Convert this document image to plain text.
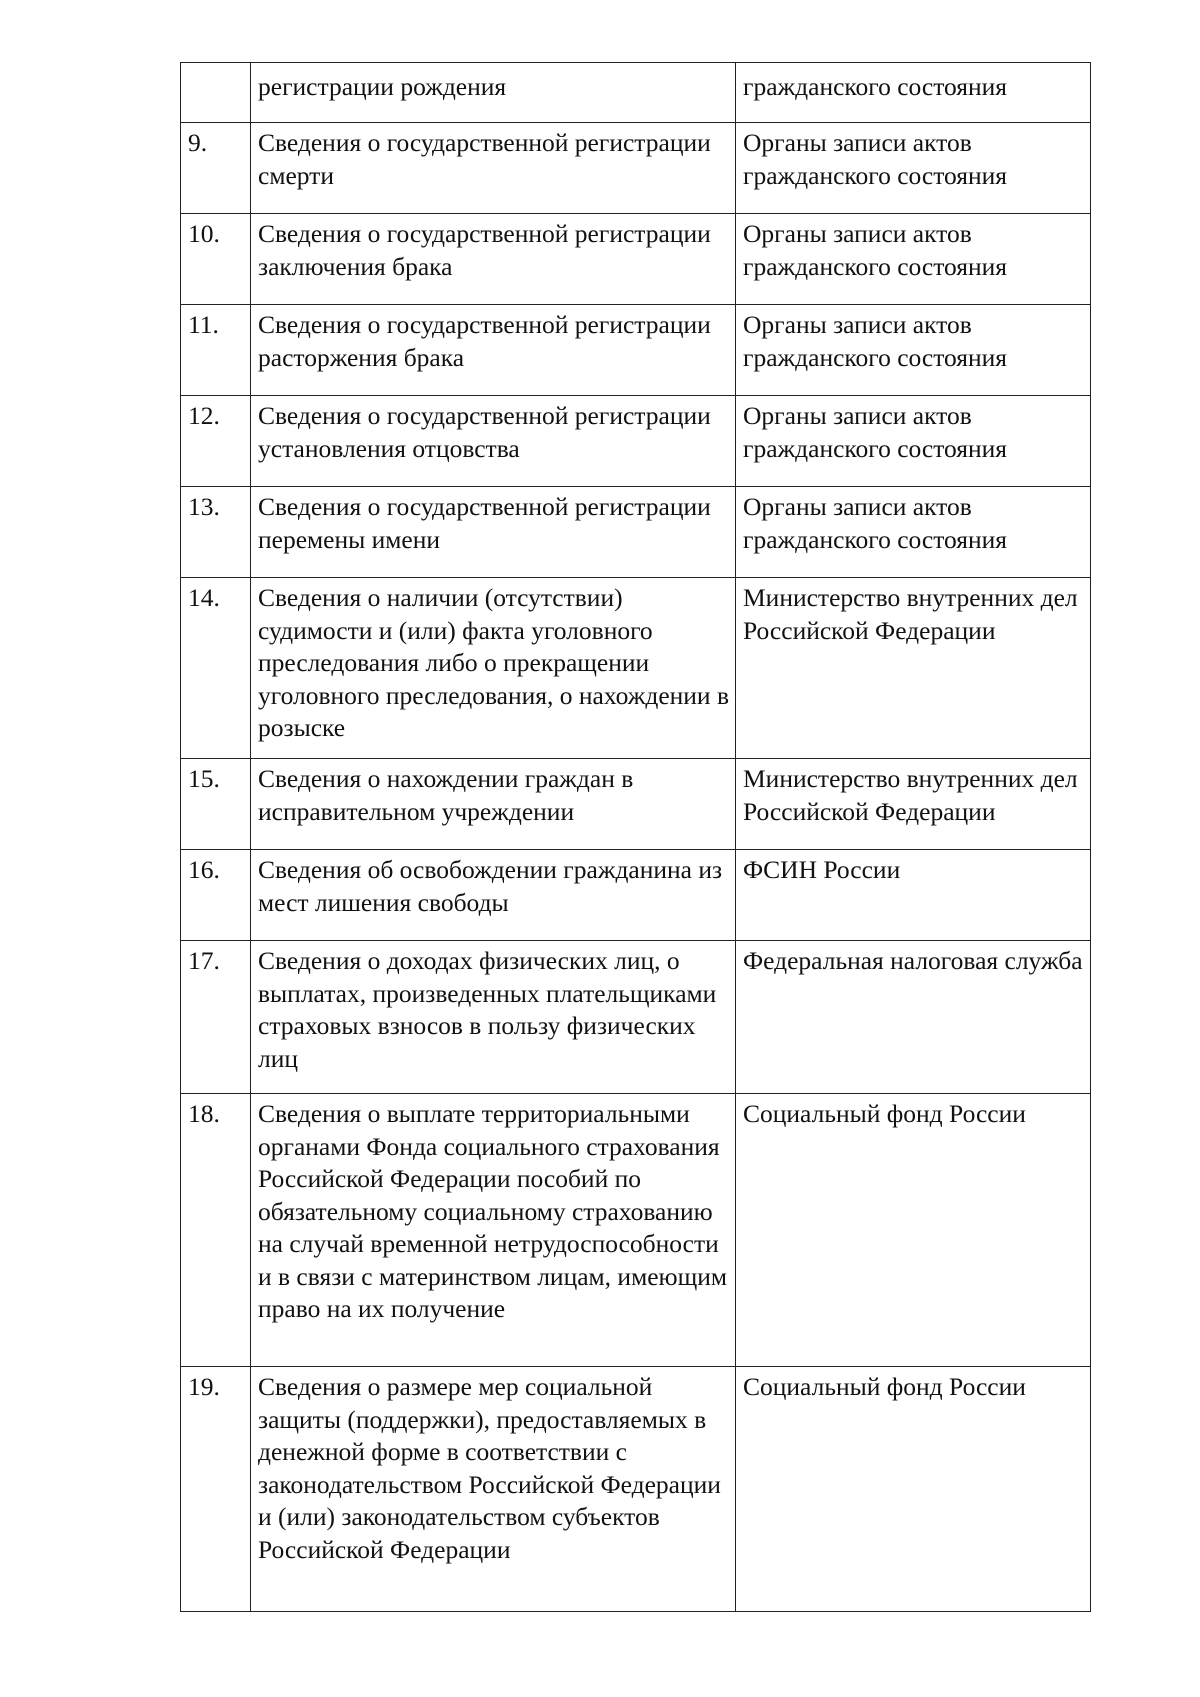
	регистрации рождения	гражданского состояния
9.	Сведения о государственной регистрации смерти	Органы записи актов гражданского состояния
10.	Сведения о государственной регистрации заключения брака	Органы записи актов гражданского состояния
11.	Сведения о государственной регистрации расторжения брака	Органы записи актов гражданского состояния
12.	Сведения о государственной регистрации установления отцовства	Органы записи актов гражданского состояния
13.	Сведения о государственной регистрации перемены имени	Органы записи актов гражданского состояния
14.	Сведения о наличии (отсутствии) судимости и (или) факта уголовного преследования либо о прекращении уголовного преследования, о нахождении в розыске	Министерство внутренних дел Российской Федерации
15.	Сведения о нахождении граждан в исправительном учреждении	Министерство внутренних дел Российской Федерации
16.	Сведения об освобождении гражданина из мест лишения свободы	ФСИН России
17.	Сведения о доходах физических лиц, о выплатах, произведенных плательщиками страховых взносов в пользу физических лиц	Федеральная налоговая служба
18.	Сведения о выплате территориальными органами Фонда социального страхования Российской Федерации пособий по обязательному социальному страхованию на случай временной нетрудоспособности и в связи с материнством лицам, имеющим право на их получение	Социальный фонд России
19.	Сведения о размере мер социальной защиты (поддержки), предоставляемых в денежной форме в соответствии с законодательством Российской Федерации и (или) законодательством субъектов Российской Федерации	Социальный фонд России
